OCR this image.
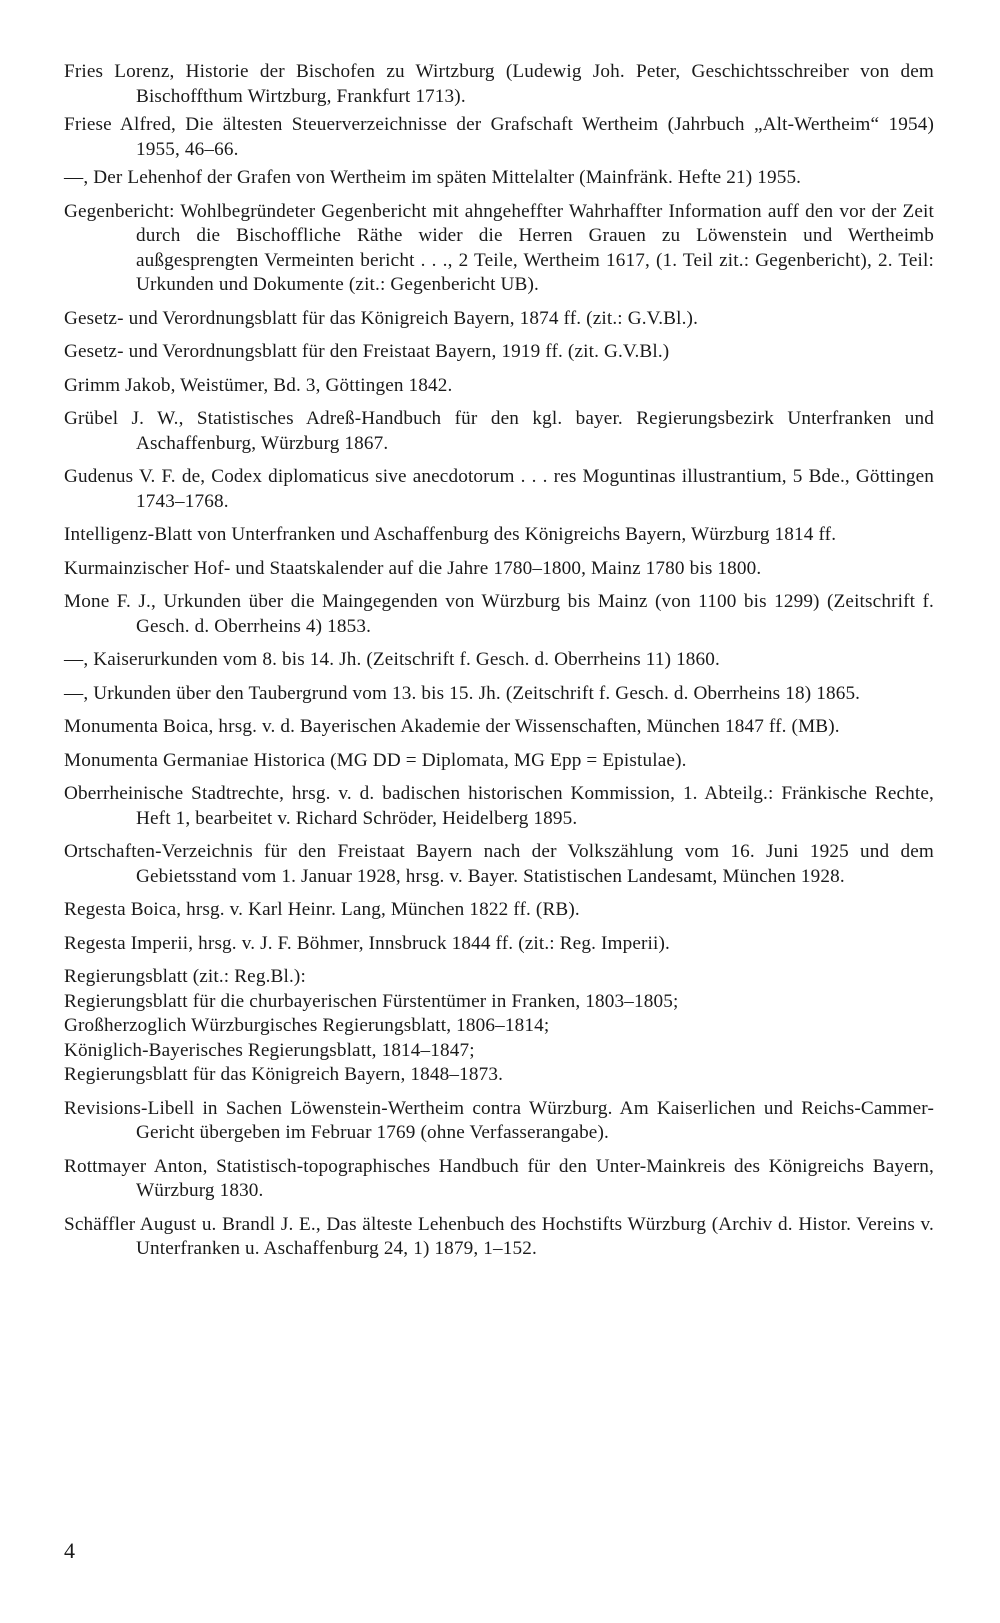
Fries Lorenz, Historie der Bischofen zu Wirtzburg (Ludewig Joh. Peter, Geschichtsschreiber von dem Bischoffthum Wirtzburg, Frankfurt 1713).

Friese Alfred, Die ältesten Steuerverzeichnisse der Grafschaft Wertheim (Jahrbuch „Alt-Wertheim“ 1954) 1955, 46–66.

—, Der Lehenhof der Grafen von Wertheim im späten Mittelalter (Mainfränk. Hefte 21) 1955.

Gegenbericht: Wohlbegründeter Gegenbericht mit ahngeheffter Wahrhaffter Information auff den vor der Zeit durch die Bischoffliche Räthe wider die Herren Grauen zu Löwenstein und Wertheimb außgesprengten Vermeinten bericht . . ., 2 Teile, Wertheim 1617, (1. Teil zit.: Gegenbericht), 2. Teil: Urkunden und Dokumente (zit.: Gegenbericht UB).

Gesetz- und Verordnungsblatt für das Königreich Bayern, 1874 ff. (zit.: G.V.Bl.).

Gesetz- und Verordnungsblatt für den Freistaat Bayern, 1919 ff. (zit. G.V.Bl.)

Grimm Jakob, Weistümer, Bd. 3, Göttingen 1842.

Grübel J. W., Statistisches Adreß-Handbuch für den kgl. bayer. Regierungsbezirk Unterfranken und Aschaffenburg, Würzburg 1867.

Gudenus V. F. de, Codex diplomaticus sive anecdotorum . . . res Moguntinas illustrantium, 5 Bde., Göttingen 1743–1768.

Intelligenz-Blatt von Unterfranken und Aschaffenburg des Königreichs Bayern, Würzburg 1814 ff.

Kurmainzischer Hof- und Staatskalender auf die Jahre 1780–1800, Mainz 1780 bis 1800.

Mone F. J., Urkunden über die Maingegenden von Würzburg bis Mainz (von 1100 bis 1299) (Zeitschrift f. Gesch. d. Oberrheins 4) 1853.

—, Kaiserurkunden vom 8. bis 14. Jh. (Zeitschrift f. Gesch. d. Oberrheins 11) 1860.

—, Urkunden über den Taubergrund vom 13. bis 15. Jh. (Zeitschrift f. Gesch. d. Oberrheins 18) 1865.

Monumenta Boica, hrsg. v. d. Bayerischen Akademie der Wissenschaften, München 1847 ff. (MB).

Monumenta Germaniae Historica (MG DD = Diplomata, MG Epp = Epistulae).

Oberrheinische Stadtrechte, hrsg. v. d. badischen historischen Kommission, 1. Abteilg.: Fränkische Rechte, Heft 1, bearbeitet v. Richard Schröder, Heidelberg 1895.

Ortschaften-Verzeichnis für den Freistaat Bayern nach der Volkszählung vom 16. Juni 1925 und dem Gebietsstand vom 1. Januar 1928, hrsg. v. Bayer. Statistischen Landesamt, München 1928.

Regesta Boica, hrsg. v. Karl Heinr. Lang, München 1822 ff. (RB).

Regesta Imperii, hrsg. v. J. F. Böhmer, Innsbruck 1844 ff. (zit.: Reg. Imperii).

Regierungsblatt (zit.: Reg.Bl.):
Regierungsblatt für die churbayerischen Fürstentümer in Franken, 1803–1805;
Großherzoglich Würzburgisches Regierungsblatt, 1806–1814;
Königlich-Bayerisches Regierungsblatt, 1814–1847;
Regierungsblatt für das Königreich Bayern, 1848–1873.

Revisions-Libell in Sachen Löwenstein-Wertheim contra Würzburg. Am Kaiserlichen und Reichs-Cammer-Gericht übergeben im Februar 1769 (ohne Verfasserangabe).

Rottmayer Anton, Statistisch-topographisches Handbuch für den Unter-Mainkreis des Königreichs Bayern, Würzburg 1830.

Schäffler August u. Brandl J. E., Das älteste Lehenbuch des Hochstifts Würzburg (Archiv d. Histor. Vereins v. Unterfranken u. Aschaffenburg 24, 1) 1879, 1–152.

4
